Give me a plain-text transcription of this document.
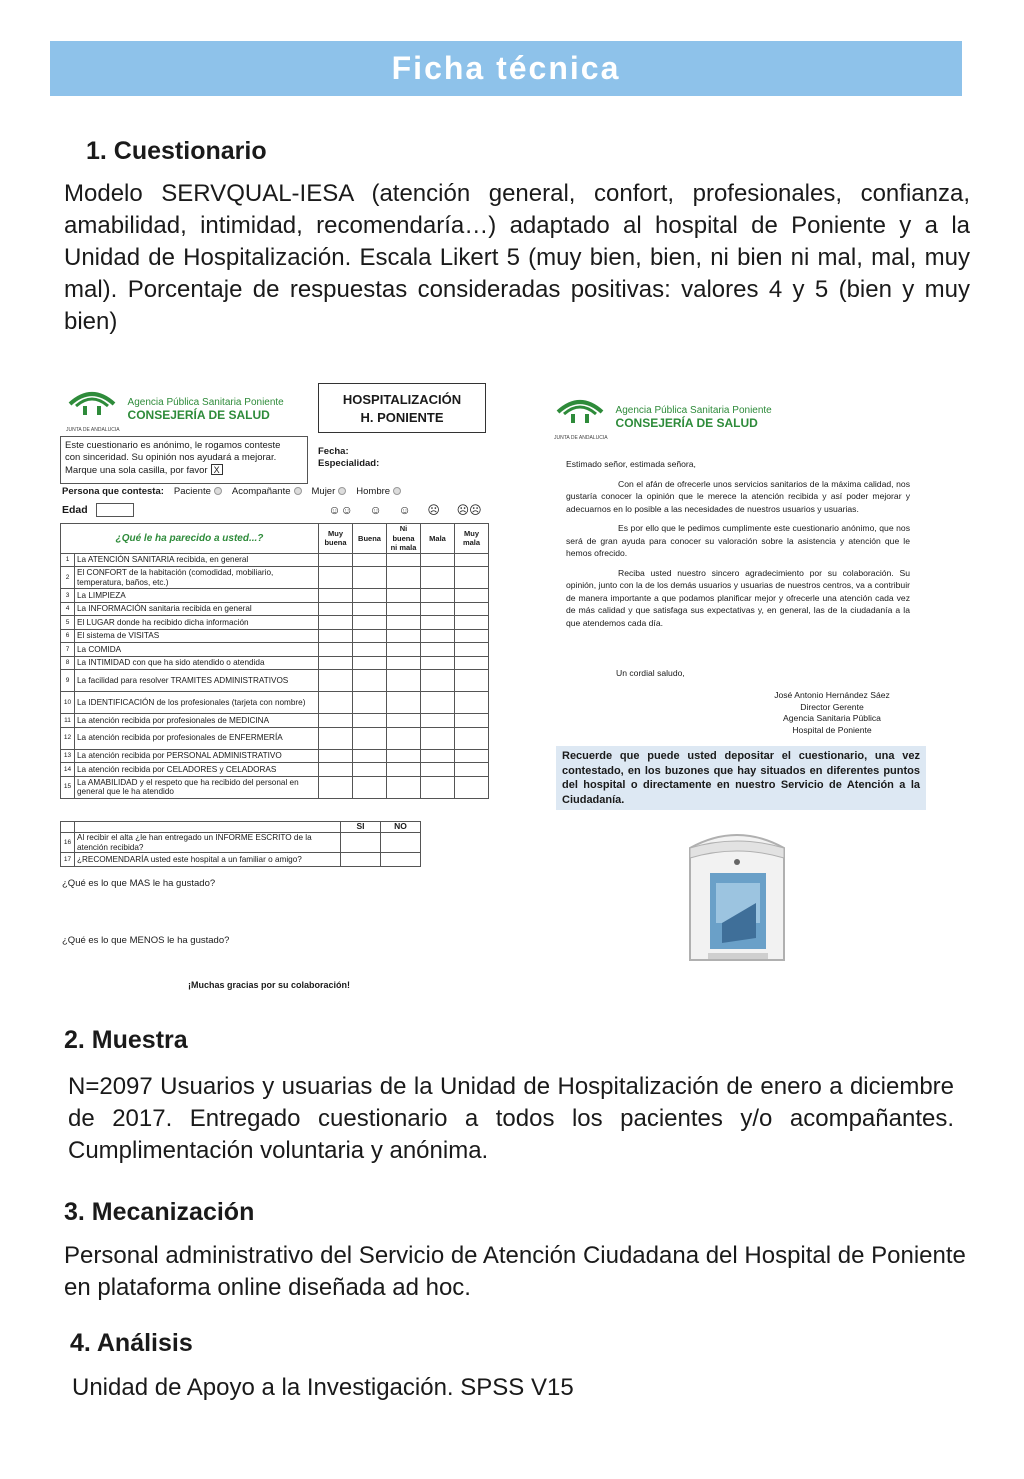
Ficha técnica
1. Cuestionario
Modelo SERVQUAL-IESA (atención general, confort, profesionales, confianza, amabilidad, intimidad, recomendaría…) adaptado al hospital de Poniente y a la Unidad de Hospitalización. Escala Likert 5 (muy bien, bien, ni bien ni mal, mal, muy mal). Porcentaje de respuestas consideradas positivas: valores 4 y 5 (bien y muy bien)
JUNTA DE ANDALUCIA
Agencia Pública Sanitaria Poniente
CONSEJERÍA DE SALUD
HOSPITALIZACIÓN
H. PONIENTE
Este cuestionario es anónimo, le rogamos conteste
con sinceridad. Su opinión nos ayudará a mejorar.
Marque una sola casilla, por favor X
Fecha:
Especialidad:
Persona que contesta: Paciente	Acompañante	Mujer	Hombre
Edad	☺☺ ☺ ☺ ☹ ☹☹
¿Qué le ha parecido a usted...?		Muy buena	Buena	Ni buena ni mala	Mala	Muy mala
1	La ATENCIÓN SANITARIA recibida, en general					
2	El CONFORT de la habitación (comodidad, mobiliario, temperatura, baños, etc.)					
3	La LIMPIEZA					
4	La INFORMACIÓN sanitaria recibida en general					
5	El LUGAR donde ha recibido dicha información					
6	El sistema de VISITAS					
7	La COMIDA					
8	La INTIMIDAD con que ha sido atendido o atendida					
9	La facilidad para resolver TRAMITES ADMINISTRATIVOS					
10	La IDENTIFICACIÓN de los profesionales (tarjeta con nombre)					
11	La atención recibida por profesionales de MEDICINA					
12	La atención recibida por profesionales de ENFERMERÍA					
13	La atención recibida por PERSONAL ADMINISTRATIVO					
14	La atención recibida por CELADORES y CELADORAS					
15	La AMABILIDAD y el respeto que ha recibido del personal en general que le ha atendido					
		SI	NO
16	Al recibir el alta ¿le han entregado un INFORME ESCRITO de la atención recibida?		
17	¿RECOMENDARÍA usted este hospital a un familiar o amigo?		
¿Qué es lo que MAS le ha gustado?
¿Qué es lo que MENOS le ha gustado?
¡Muchas gracias por su colaboración!
JUNTA DE ANDALUCIA
Agencia Pública Sanitaria Poniente
CONSEJERÍA DE SALUD

Estimado señor, estimada señora,

Con el afán de ofrecerle unos servicios sanitarios de la máxima calidad, nos gustaría conocer la opinión que le merece la atención recibida y así poder mejorar y adecuarnos en lo posible a las necesidades de nuestros usuarios y usuarias.

Es por ello que le pedimos cumplimente este cuestionario anónimo, que nos será de gran ayuda para conocer su valoración sobre la asistencia y atención que le hemos ofrecido.

Reciba usted nuestro sincero agradecimiento por su colaboración. Su opinión, junto con la de los demás usuarios y usuarias de nuestros centros, va a contribuir de manera importante a que podamos planificar mejor y ofrecerle una atención cada vez de más calidad y que satisfaga sus expectativas y, en general, las de la ciudadanía a la que atendemos cada día.

Un cordial saludo,
José Antonio Hernández Sáez
Director Gerente
Agencia Sanitaria Pública
Hospital de Poniente
Recuerde que puede usted depositar el cuestionario, una vez contestado, en los buzones que hay situados en diferentes puntos del hospital o directamente en nuestro Servicio de Atención a la Ciudadanía.
2. Muestra
N=2097 Usuarios y usuarias de la Unidad de Hospitalización de enero a diciembre de 2017. Entregado cuestionario a todos los pacientes y/o acompañantes. Cumplimentación voluntaria y anónima.
3. Mecanización
Personal administrativo del Servicio de Atención Ciudadana del Hospital de Poniente en plataforma online diseñada ad hoc.
4. Análisis
Unidad de Apoyo a la Investigación. SPSS V15
